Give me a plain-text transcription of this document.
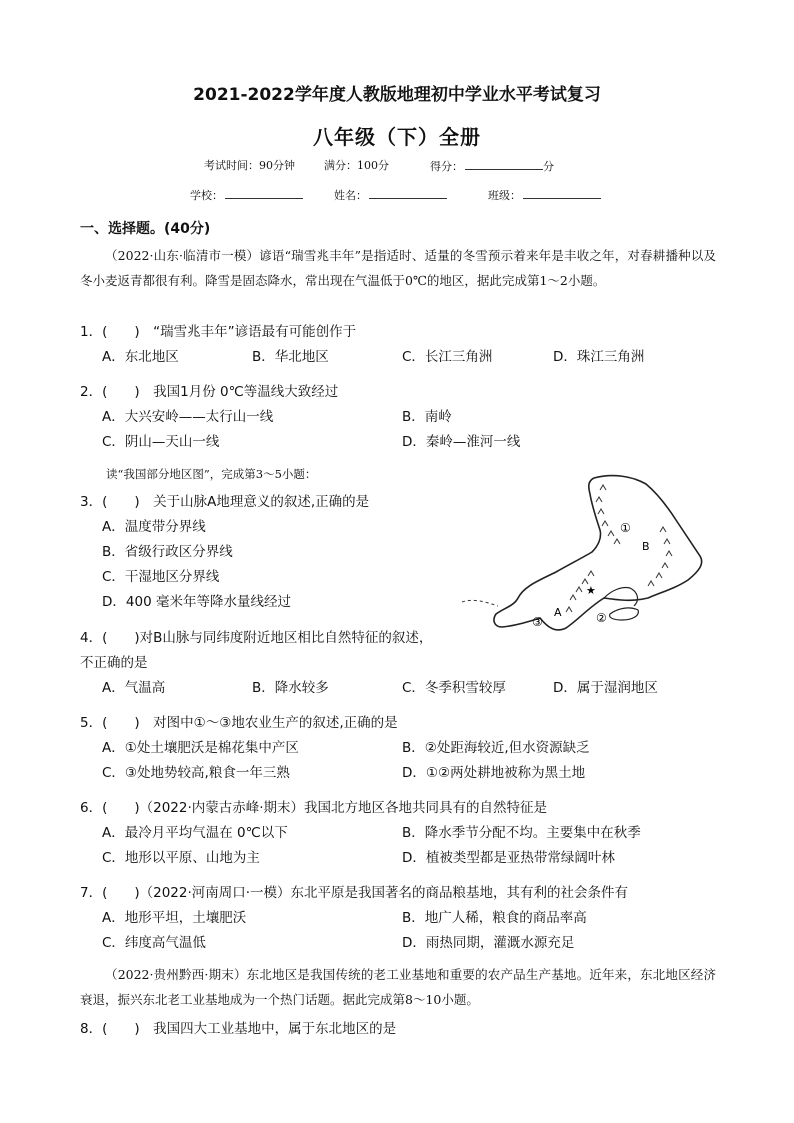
2021-2022学年度人教版地理初中学业水平考试复习
八年级（下）全册
考试时间：90分钟	满分：100分	得分：	分
学校：	姓名：	班级：
一、选择题。(40分)
（2022·山东·临清市一模）谚语“瑞雪兆丰年”是指适时、适量的冬雪预示着来年是丰收之年，对春耕播种以及冬小麦返青都很有利。降雪是固态降水，常出现在气温低于0℃的地区，据此完成第1～2小题。
1．(　　)　“瑞雪兆丰年”谚语最有可能创作于
A．东北地区	B．华北地区	C．长江三角洲	D．珠江三角洲
2．(　　)　我国1月份 0℃等温线大致经过
A．大兴安岭——太行山一线	B．南岭
C．阴山—天山一线	D．秦岭—淮河一线
读“我国部分地区图”，完成第3～5小题：
3．(　　)　关于山脉A地理意义的叙述,正确的是
A．温度带分界线
B．省级行政区分界线
C．干湿地区分界线
D．400 毫米年等降水量线经过
4．(　　)对B山脉与同纬度附近地区相比自然特征的叙述，
不正确的是
A．气温高	B．降水较多	C．冬季积雪较厚	D．属于湿润地区
5．(　　)　对图中①～③地农业生产的叙述,正确的是
A．①处土壤肥沃是棉花集中产区	B．②处距海较近,但水资源缺乏
C．③处地势较高,粮食一年三熟	D．①②两处耕地被称为黑土地
6．(　　)（2022·内蒙古赤峰·期末）我国北方地区各地共同具有的自然特征是
A．最冷月平均气温在 0℃以下	B．降水季节分配不均。主要集中在秋季
C．地形以平原、山地为主	D．植被类型都是亚热带常绿阔叶林
7．(　　)（2022·河南周口·一模）东北平原是我国著名的商品粮基地，其有利的社会条件有
A．地形平坦，土壤肥沃	B．地广人稀，粮食的商品率高
C．纬度高气温低	D．雨热同期，灌溉水源充足
（2022·贵州黔西·期末）东北地区是我国传统的老工业基地和重要的农产品生产基地。近年来，东北地区经济衰退，振兴东北老工业基地成为一个热门话题。据此完成第8～10小题。
8．(　　)　我国四大工业基地中，属于东北地区的是
①
②
③
A
B
★
